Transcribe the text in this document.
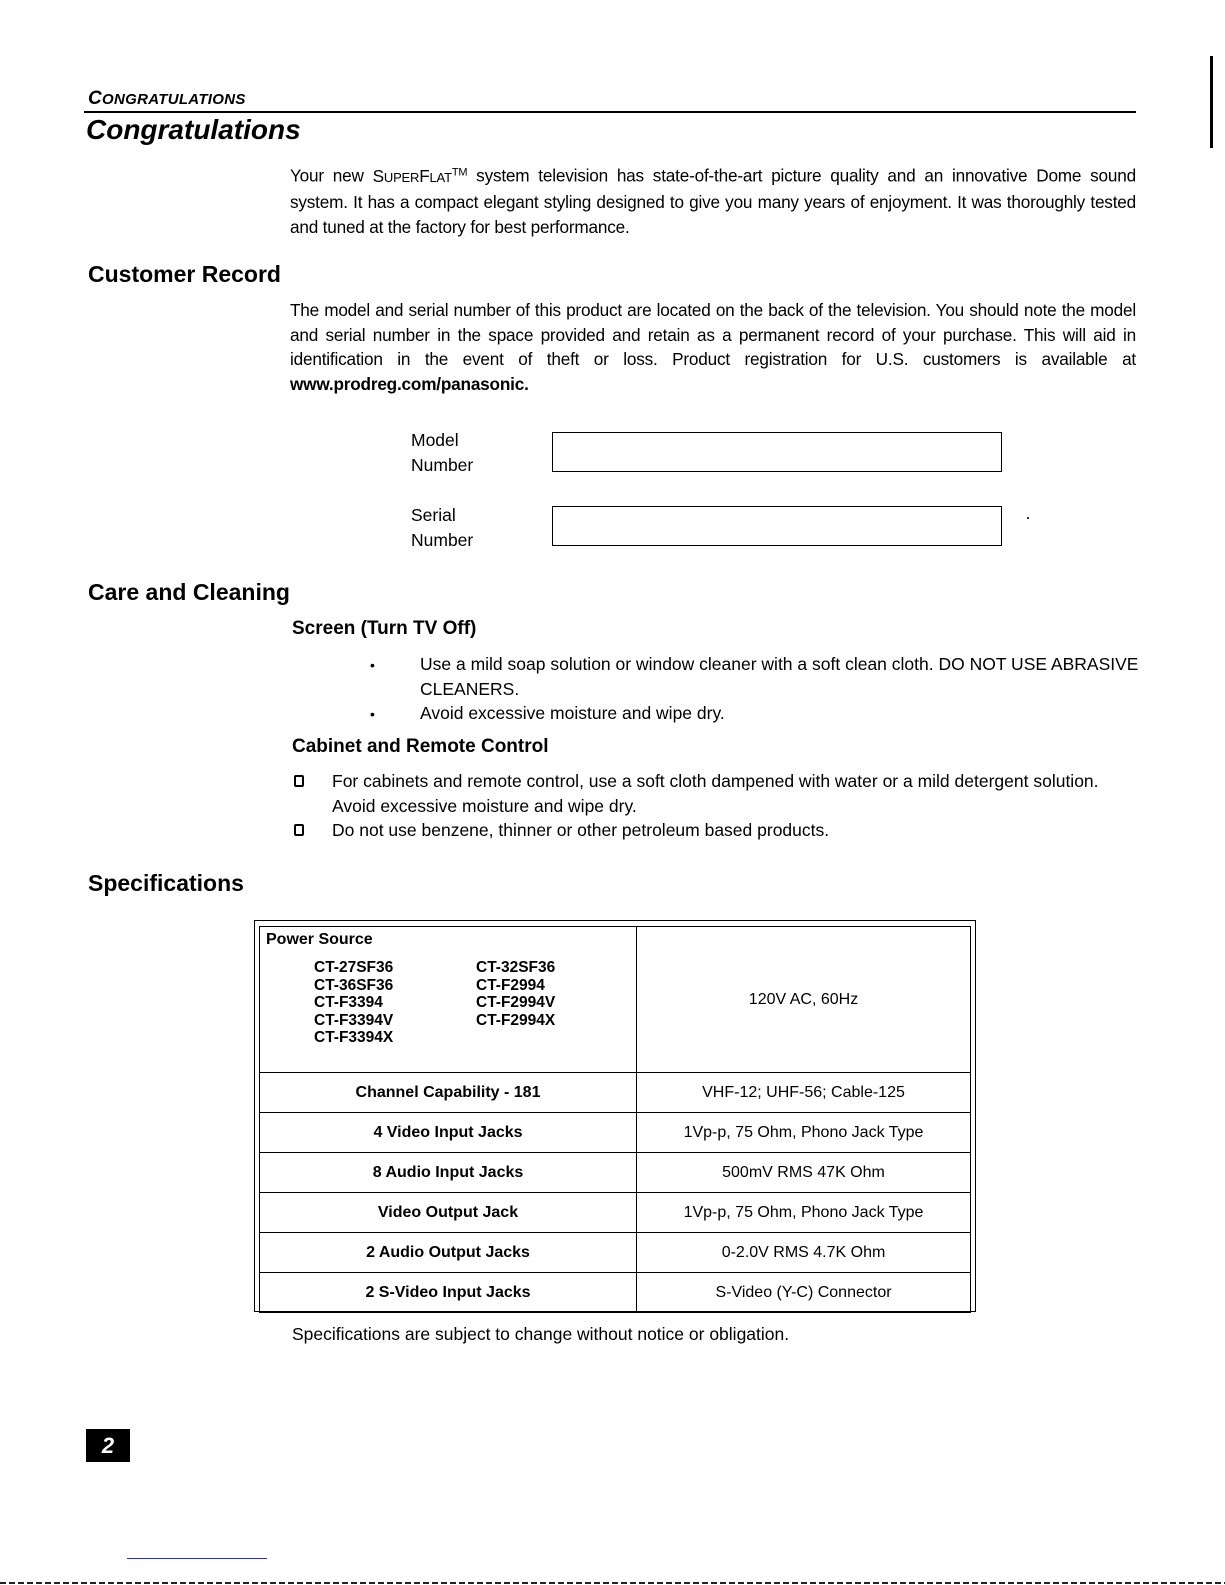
CONGRATULATIONS
Congratulations
Your new SUPERFLAT™ system television has state-of-the-art picture quality and an innovative Dome sound system. It has a compact elegant styling designed to give you many years of enjoyment. It was thoroughly tested and tuned at the factory for best performance.
Customer Record
The model and serial number of this product are located on the back of the television. You should note the model and serial number in the space provided and retain as a permanent record of your purchase. This will aid in identification in the event of theft or loss. Product registration for U.S. customers is available at www.prodreg.com/panasonic.
Model
Number
Serial
Number
Care and Cleaning
Screen (Turn TV Off)
•	Use a mild soap solution or window cleaner with a soft clean cloth. DO NOT USE ABRASIVE CLEANERS.
•	Avoid excessive moisture and wipe dry.
Cabinet and Remote Control
For cabinets and remote control, use a soft cloth dampened with water or a mild detergent solution. Avoid excessive moisture and wipe dry.
Do not use benzene, thinner or other petroleum based products.
Specifications
Power Source
CT-27SF36
CT-36SF36
CT-F3394
CT-F3394V
CT-F3394X
CT-32SF36
CT-F2994
CT-F2994V
CT-F2994X
	120V AC, 60Hz
Channel Capability - 181	VHF-12; UHF-56; Cable-125
4 Video Input Jacks	1Vp-p, 75 Ohm, Phono Jack Type
8 Audio Input Jacks	500mV RMS 47K Ohm
Video Output Jack	1Vp-p, 75 Ohm, Phono Jack Type
2 Audio Output Jacks	0-2.0V RMS 4.7K Ohm
2 S-Video Input Jacks	S-Video (Y-C) Connector
Specifications are subject to change without notice or obligation.
2
